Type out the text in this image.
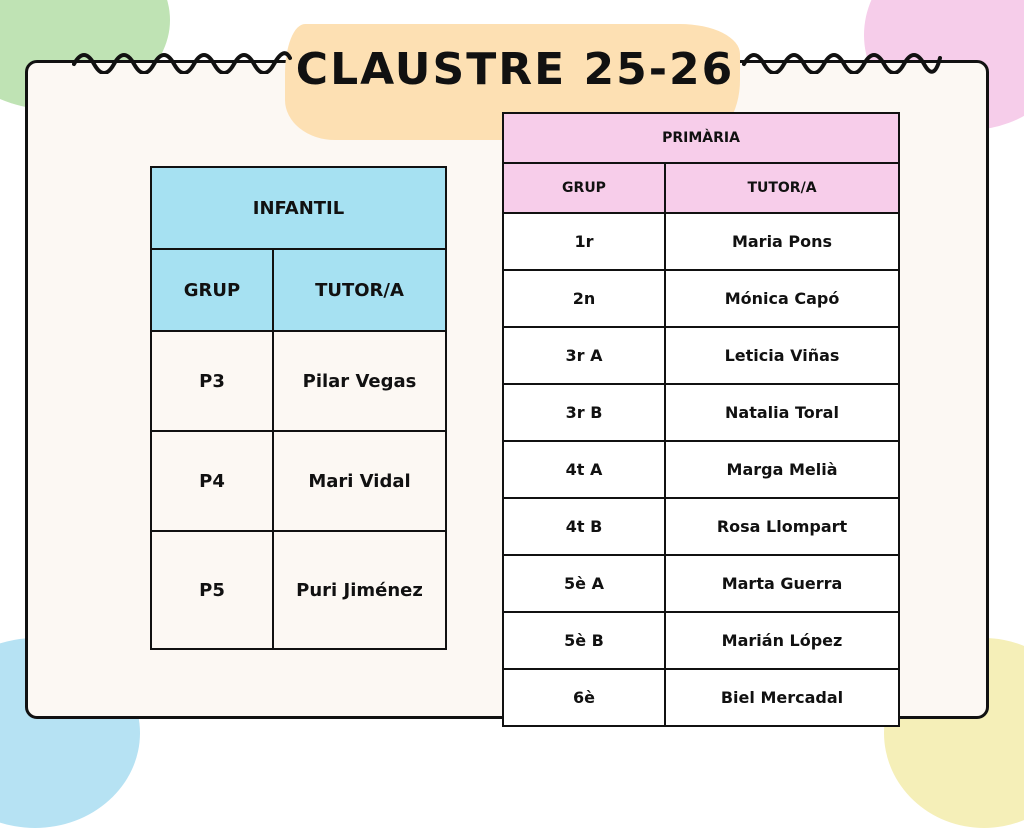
CLAUSTRE 25-26
INFANTIL	
GRUP	TUTOR/A
P3	Pilar Vegas
P4	Mari Vidal
P5	Puri Jiménez
PRIMÀRIA	
GRUP	TUTOR/A
1r	Maria Pons
2n	Mónica Capó
3r A	Leticia Viñas
3r B	Natalia Toral
4t A	Marga Melià
4t B	Rosa Llompart
5è A	Marta Guerra
5è B	Marián López
6è	Biel Mercadal
